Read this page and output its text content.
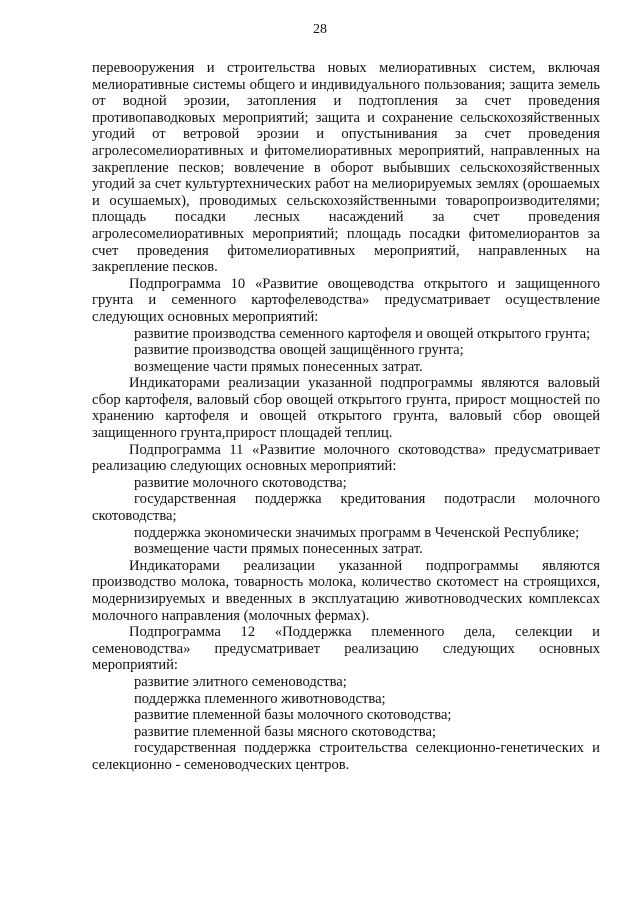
28

перевооружения и строительства новых мелиоративных систем, включая мелиоративные системы общего и индивидуального пользования; защита земель от водной эрозии, затопления и подтопления за счет проведения противопаводковых мероприятий; защита и сохранение сельскохозяйственных угодий от ветровой эрозии и опустынивания за счет проведения агролесомелиоративных и фитомелиоративных мероприятий, направленных на закрепление песков; вовлечение в оборот выбывших сельскохозяйственных угодий за счет культуртехнических работ на мелиорируемых землях (орошаемых и осушаемых), проводимых сельскохозяйственными товаропроизводителями; площадь посадки лесных насаждений за счет проведения агролесомелиоративных мероприятий; площадь посадки фитомелиорантов за счет проведения фитомелиоративных мероприятий, направленных на закрепление песков.

Подпрограмма 10 «Развитие овощеводства открытого и защищенного грунта и семенного картофелеводства» предусматривает осуществление следующих основных мероприятий:

развитие производства семенного картофеля и овощей открытого грунта;

развитие производства овощей защищённого грунта;

возмещение части прямых понесенных затрат.

Индикаторами реализации указанной подпрограммы являются валовый сбор картофеля, валовый сбор овощей открытого грунта, прирост мощностей по хранению картофеля и овощей открытого грунта, валовый сбор овощей защищенного грунта,прирост площадей теплиц.

Подпрограмма 11 «Развитие молочного скотоводства» предусматривает реализацию следующих основных мероприятий:

развитие молочного скотоводства;

государственная поддержка кредитования подотрасли молочного скотоводства;

поддержка экономически значимых программ в Чеченской Республике;

возмещение части прямых понесенных затрат.

Индикаторами реализации указанной подпрограммы являются производство молока, товарность молока, количество скотомест на строящихся, модернизируемых и введенных в эксплуатацию животноводческих комплексах молочного направления (молочных фермах).

Подпрограмма 12 «Поддержка племенного дела, селекции и семеноводства» предусматривает реализацию следующих основных мероприятий:

развитие элитного семеноводства;

поддержка племенного животноводства;

развитие племенной базы молочного скотоводства;

развитие племенной базы мясного скотоводства;

государственная поддержка строительства селекционно-генетических и селекционно - семеноводческих центров.
